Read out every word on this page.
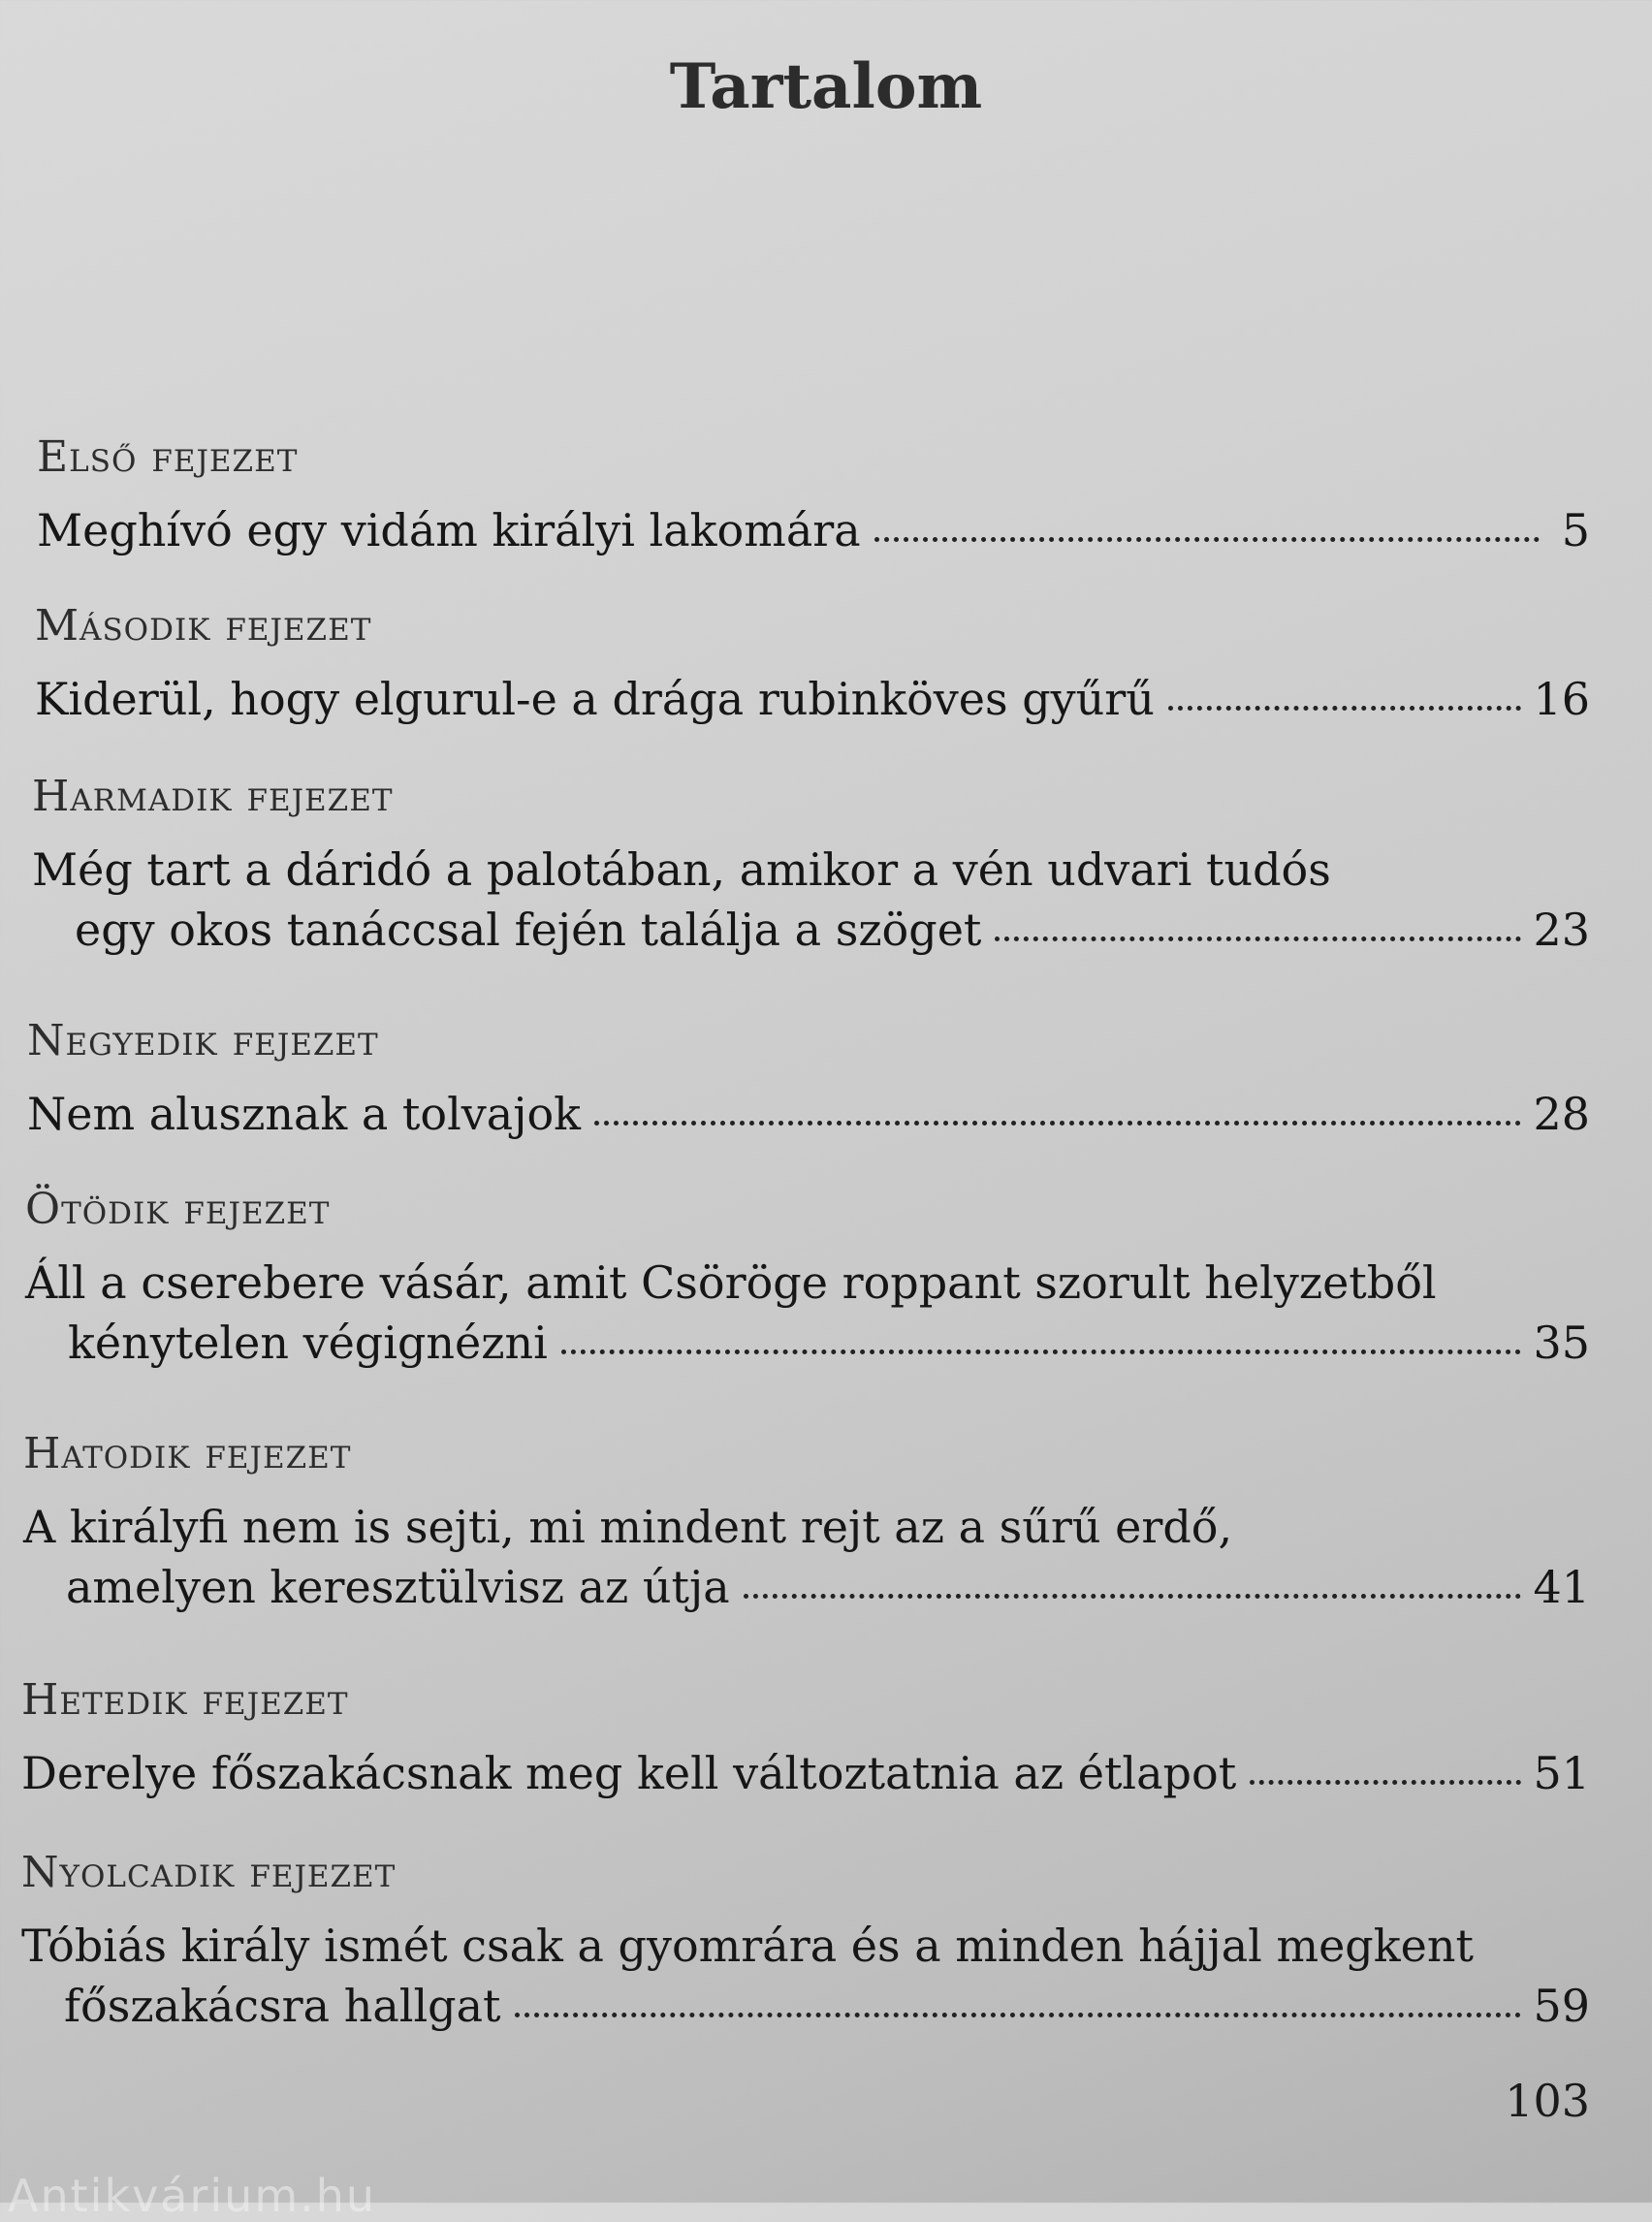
Tartalom
Első fejezet
Meghívó egy vidám királyi lakomára	5
Második fejezet
Kiderül, hogy elgurul-e a drága rubinköves gyűrű	16
Harmadik fejezet
Még tart a dáridó a palotában, amikor a vén udvari tudós
egy okos tanáccsal fején találja a szöget	23
Negyedik fejezet
Nem alusznak a tolvajok	28
Ötödik fejezet
Áll a cserebere vásár, amit Csöröge roppant szorult helyzetből
kénytelen végignézni	35
Hatodik fejezet
A királyfi nem is sejti, mi mindent rejt az a sűrű erdő,
amelyen keresztülvisz az útja	41
Hetedik fejezet
Derelye főszakácsnak meg kell változtatnia az étlapot	51
Nyolcadik fejezet
Tóbiás király ismét csak a gyomrára és a minden hájjal megkent
főszakácsra hallgat	59
103
Antikvárium.hu
